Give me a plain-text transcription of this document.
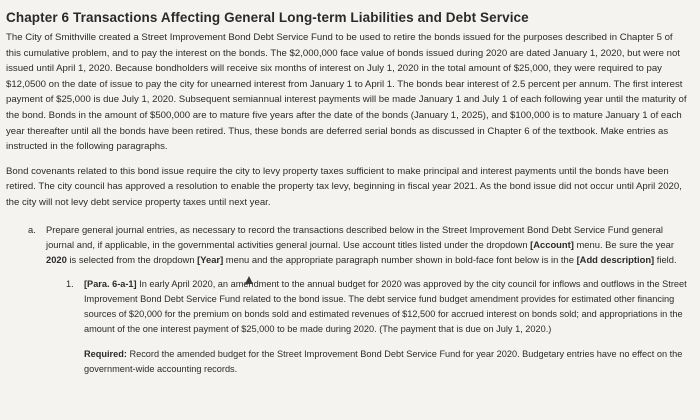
Chapter 6 Transactions Affecting General Long-term Liabilities and Debt Service

The City of Smithville created a Street Improvement Bond Debt Service Fund to be used to retire the bonds issued for the purposes described in Chapter 5 of this cumulative problem, and to pay the interest on the bonds. The $2,000,000 face value of bonds issued during 2020 are dated January 1, 2020, but were not issued until April 1, 2020. Because bondholders will receive six months of interest on July 1, 2020 in the total amount of $25,000, they were required to pay $12,0500 on the date of issue to pay the city for unearned interest from January 1 to April 1. The bonds bear interest of 2.5 percent per annum. The first interest payment of $25,000 is due July 1, 2020. Subsequent semiannual interest payments will be made January 1 and July 1 of each following year until the maturity of the bond. Bonds in the amount of $500,000 are to mature five years after the date of the bonds (January 1, 2025), and $100,000 is to mature January 1 of each year thereafter until all the bonds have been retired. Thus, these bonds are deferred serial bonds as discussed in Chapter 6 of the textbook. Make entries as instructed in the following paragraphs.

Bond covenants related to this bond issue require the city to levy property taxes sufficient to make principal and interest payments until the bonds have been retired. The city council has approved a resolution to enable the property tax levy, beginning in fiscal year 2021. As the bond issue did not occur until April 2020, the city will not levy debt service property taxes until next year.

a.	Prepare general journal entries, as necessary to record the transactions described below in the Street Improvement Bond Debt Service Fund general journal and, if applicable, in the governmental activities general journal. Use account titles listed under the dropdown [Account] menu. Be sure the year 2020 is selected from the dropdown [Year] menu and the appropriate paragraph number shown in bold-face font below is in the [Add description] field.
1.	[Para. 6-a-1] In early April 2020, an amendment to the annual budget for 2020 was approved by the city council for inflows and outflows in the Street Improvement Bond Debt Service Fund related to the bond issue. The debt service fund budget amendment provides for estimated other financing sources of $20,000 for the premium on bonds sold and estimated revenues of $12,500 for accrued interest on bonds sold; and appropriations in the amount of the one interest payment of $25,000 to be made during 2020. (The payment that is due on July 1, 2020.)
Required: Record the amended budget for the Street Improvement Bond Debt Service Fund for year 2020. Budgetary entries have no effect on the government-wide accounting records.
